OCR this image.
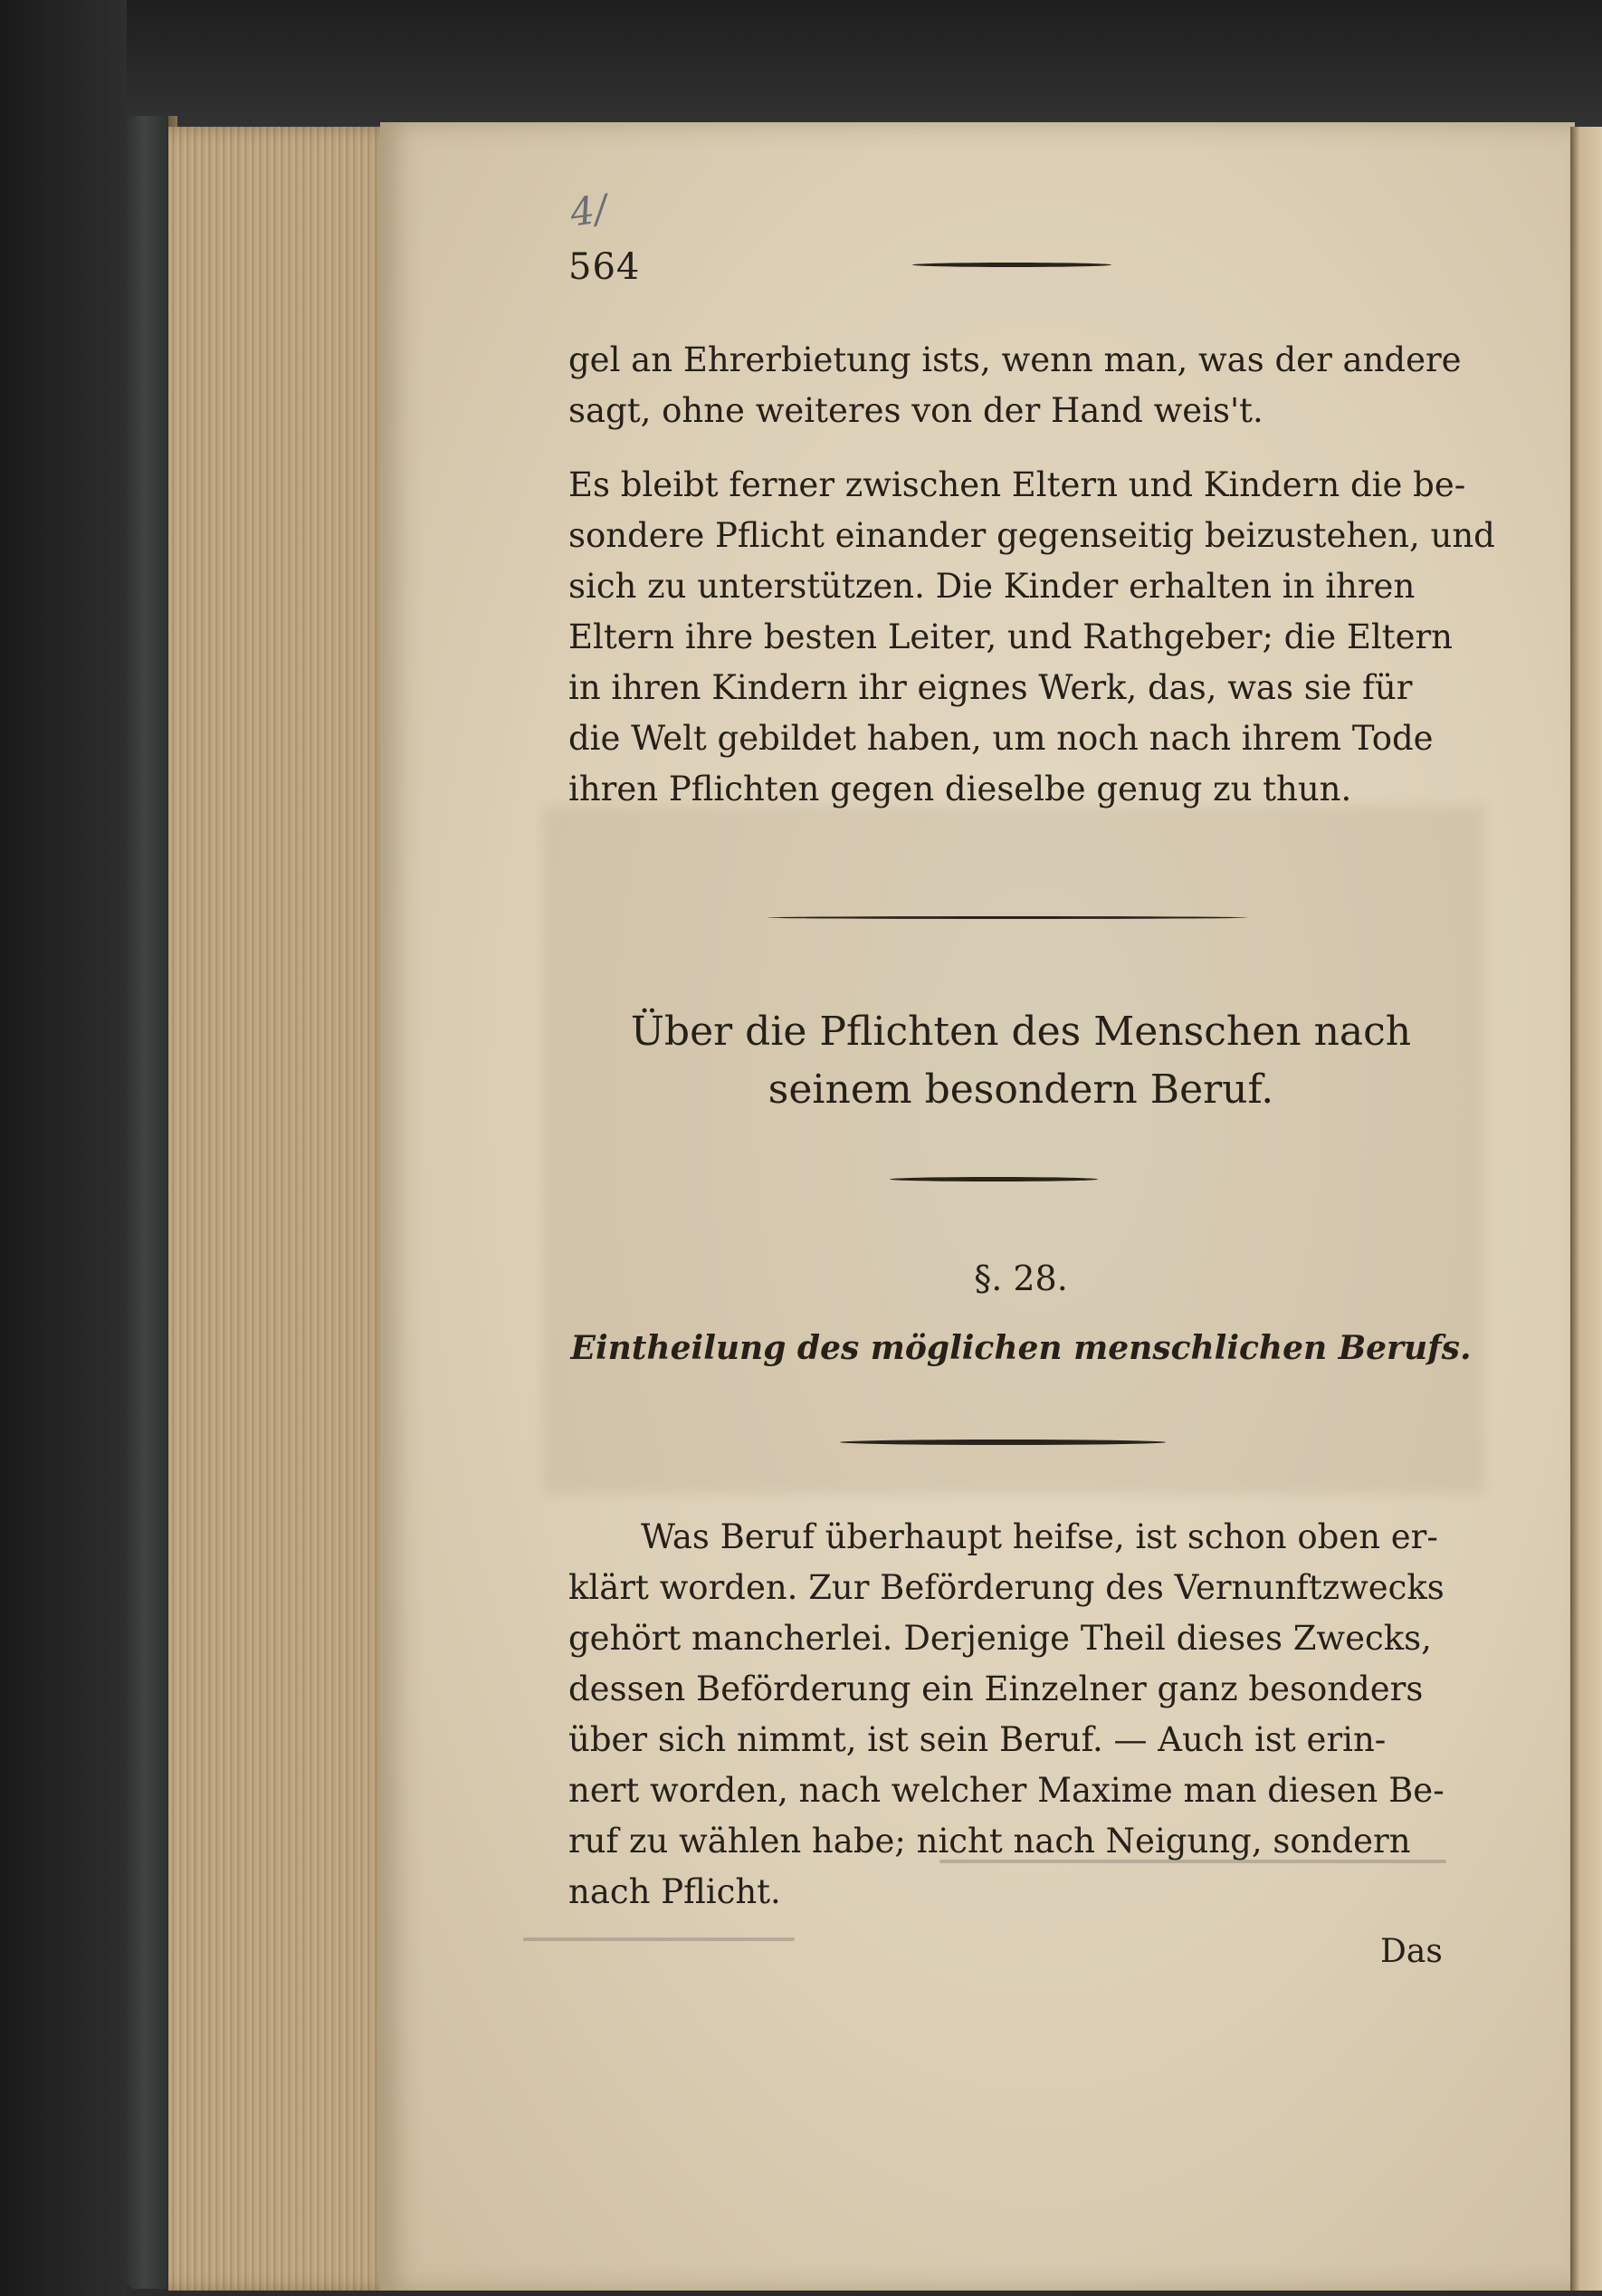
4/
564
gel an Ehrerbietung ists, wenn man, was der andere
sagt, ohne weiteres von der Hand weis't.
Es bleibt ferner zwischen Eltern und Kindern die be-
sondere Pflicht einander gegenseitig beizustehen, und
sich zu unterstützen. Die Kinder erhalten in ihren
Eltern ihre besten Leiter, und Rathgeber; die Eltern
in ihren Kindern ihr eignes Werk, das, was sie für
die Welt gebildet haben, um noch nach ihrem Tode
ihren Pflichten gegen dieselbe genug zu thun.
Über die Pflichten des Menschen nach
seinem besondern Beruf.
§. 28.
Eintheilung des möglichen menschlichen Berufs.
Was Beruf überhaupt heifse, ist schon oben er-
klärt worden. Zur Beförderung des Vernunftzwecks
gehört mancherlei. Derjenige Theil dieses Zwecks,
dessen Beförderung ein Einzelner ganz besonders
über sich nimmt, ist sein Beruf. — Auch ist erin-
nert worden, nach welcher Maxime man diesen Be-
ruf zu wählen habe; nicht nach Neigung, sondern
nach Pflicht.
Das
